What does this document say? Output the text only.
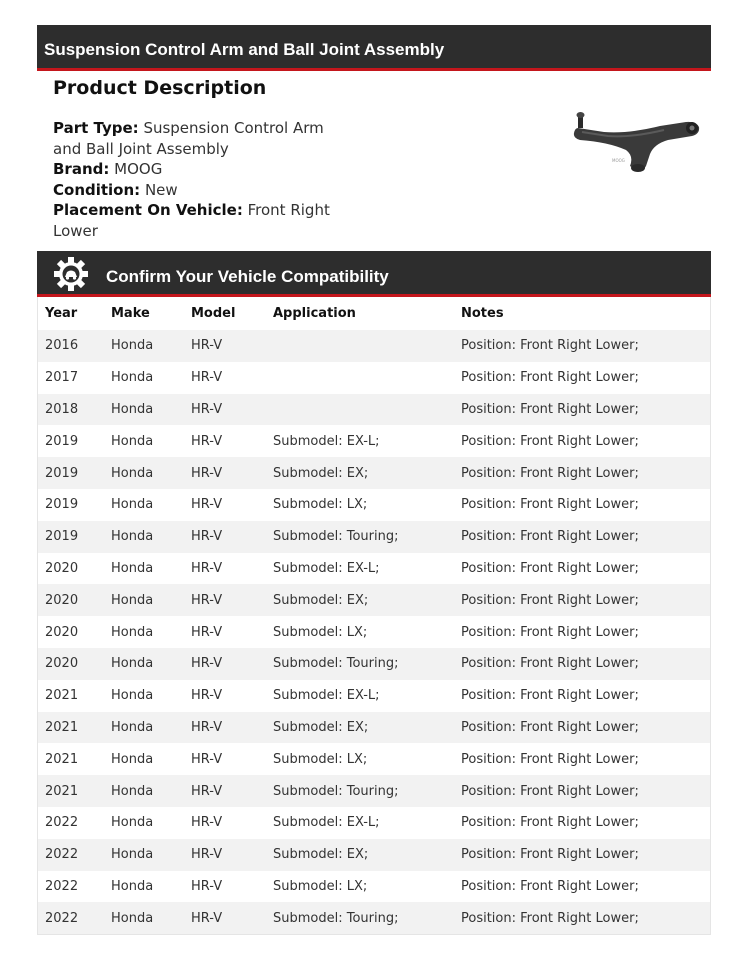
Suspension Control Arm and Ball Joint Assembly
Product Description
Part Type: Suspension Control Arm and Ball Joint Assembly
Brand: MOOG
Condition: New
Placement On Vehicle: Front Right Lower
MOOG
Confirm Your Vehicle Compatibility
Year	Make	Model	Application	Notes
2016	Honda	HR-V		Position: Front Right Lower;
2017	Honda	HR-V		Position: Front Right Lower;
2018	Honda	HR-V		Position: Front Right Lower;
2019	Honda	HR-V	Submodel: EX-L;	Position: Front Right Lower;
2019	Honda	HR-V	Submodel: EX;	Position: Front Right Lower;
2019	Honda	HR-V	Submodel: LX;	Position: Front Right Lower;
2019	Honda	HR-V	Submodel: Touring;	Position: Front Right Lower;
2020	Honda	HR-V	Submodel: EX-L;	Position: Front Right Lower;
2020	Honda	HR-V	Submodel: EX;	Position: Front Right Lower;
2020	Honda	HR-V	Submodel: LX;	Position: Front Right Lower;
2020	Honda	HR-V	Submodel: Touring;	Position: Front Right Lower;
2021	Honda	HR-V	Submodel: EX-L;	Position: Front Right Lower;
2021	Honda	HR-V	Submodel: EX;	Position: Front Right Lower;
2021	Honda	HR-V	Submodel: LX;	Position: Front Right Lower;
2021	Honda	HR-V	Submodel: Touring;	Position: Front Right Lower;
2022	Honda	HR-V	Submodel: EX-L;	Position: Front Right Lower;
2022	Honda	HR-V	Submodel: EX;	Position: Front Right Lower;
2022	Honda	HR-V	Submodel: LX;	Position: Front Right Lower;
2022	Honda	HR-V	Submodel: Touring;	Position: Front Right Lower;
